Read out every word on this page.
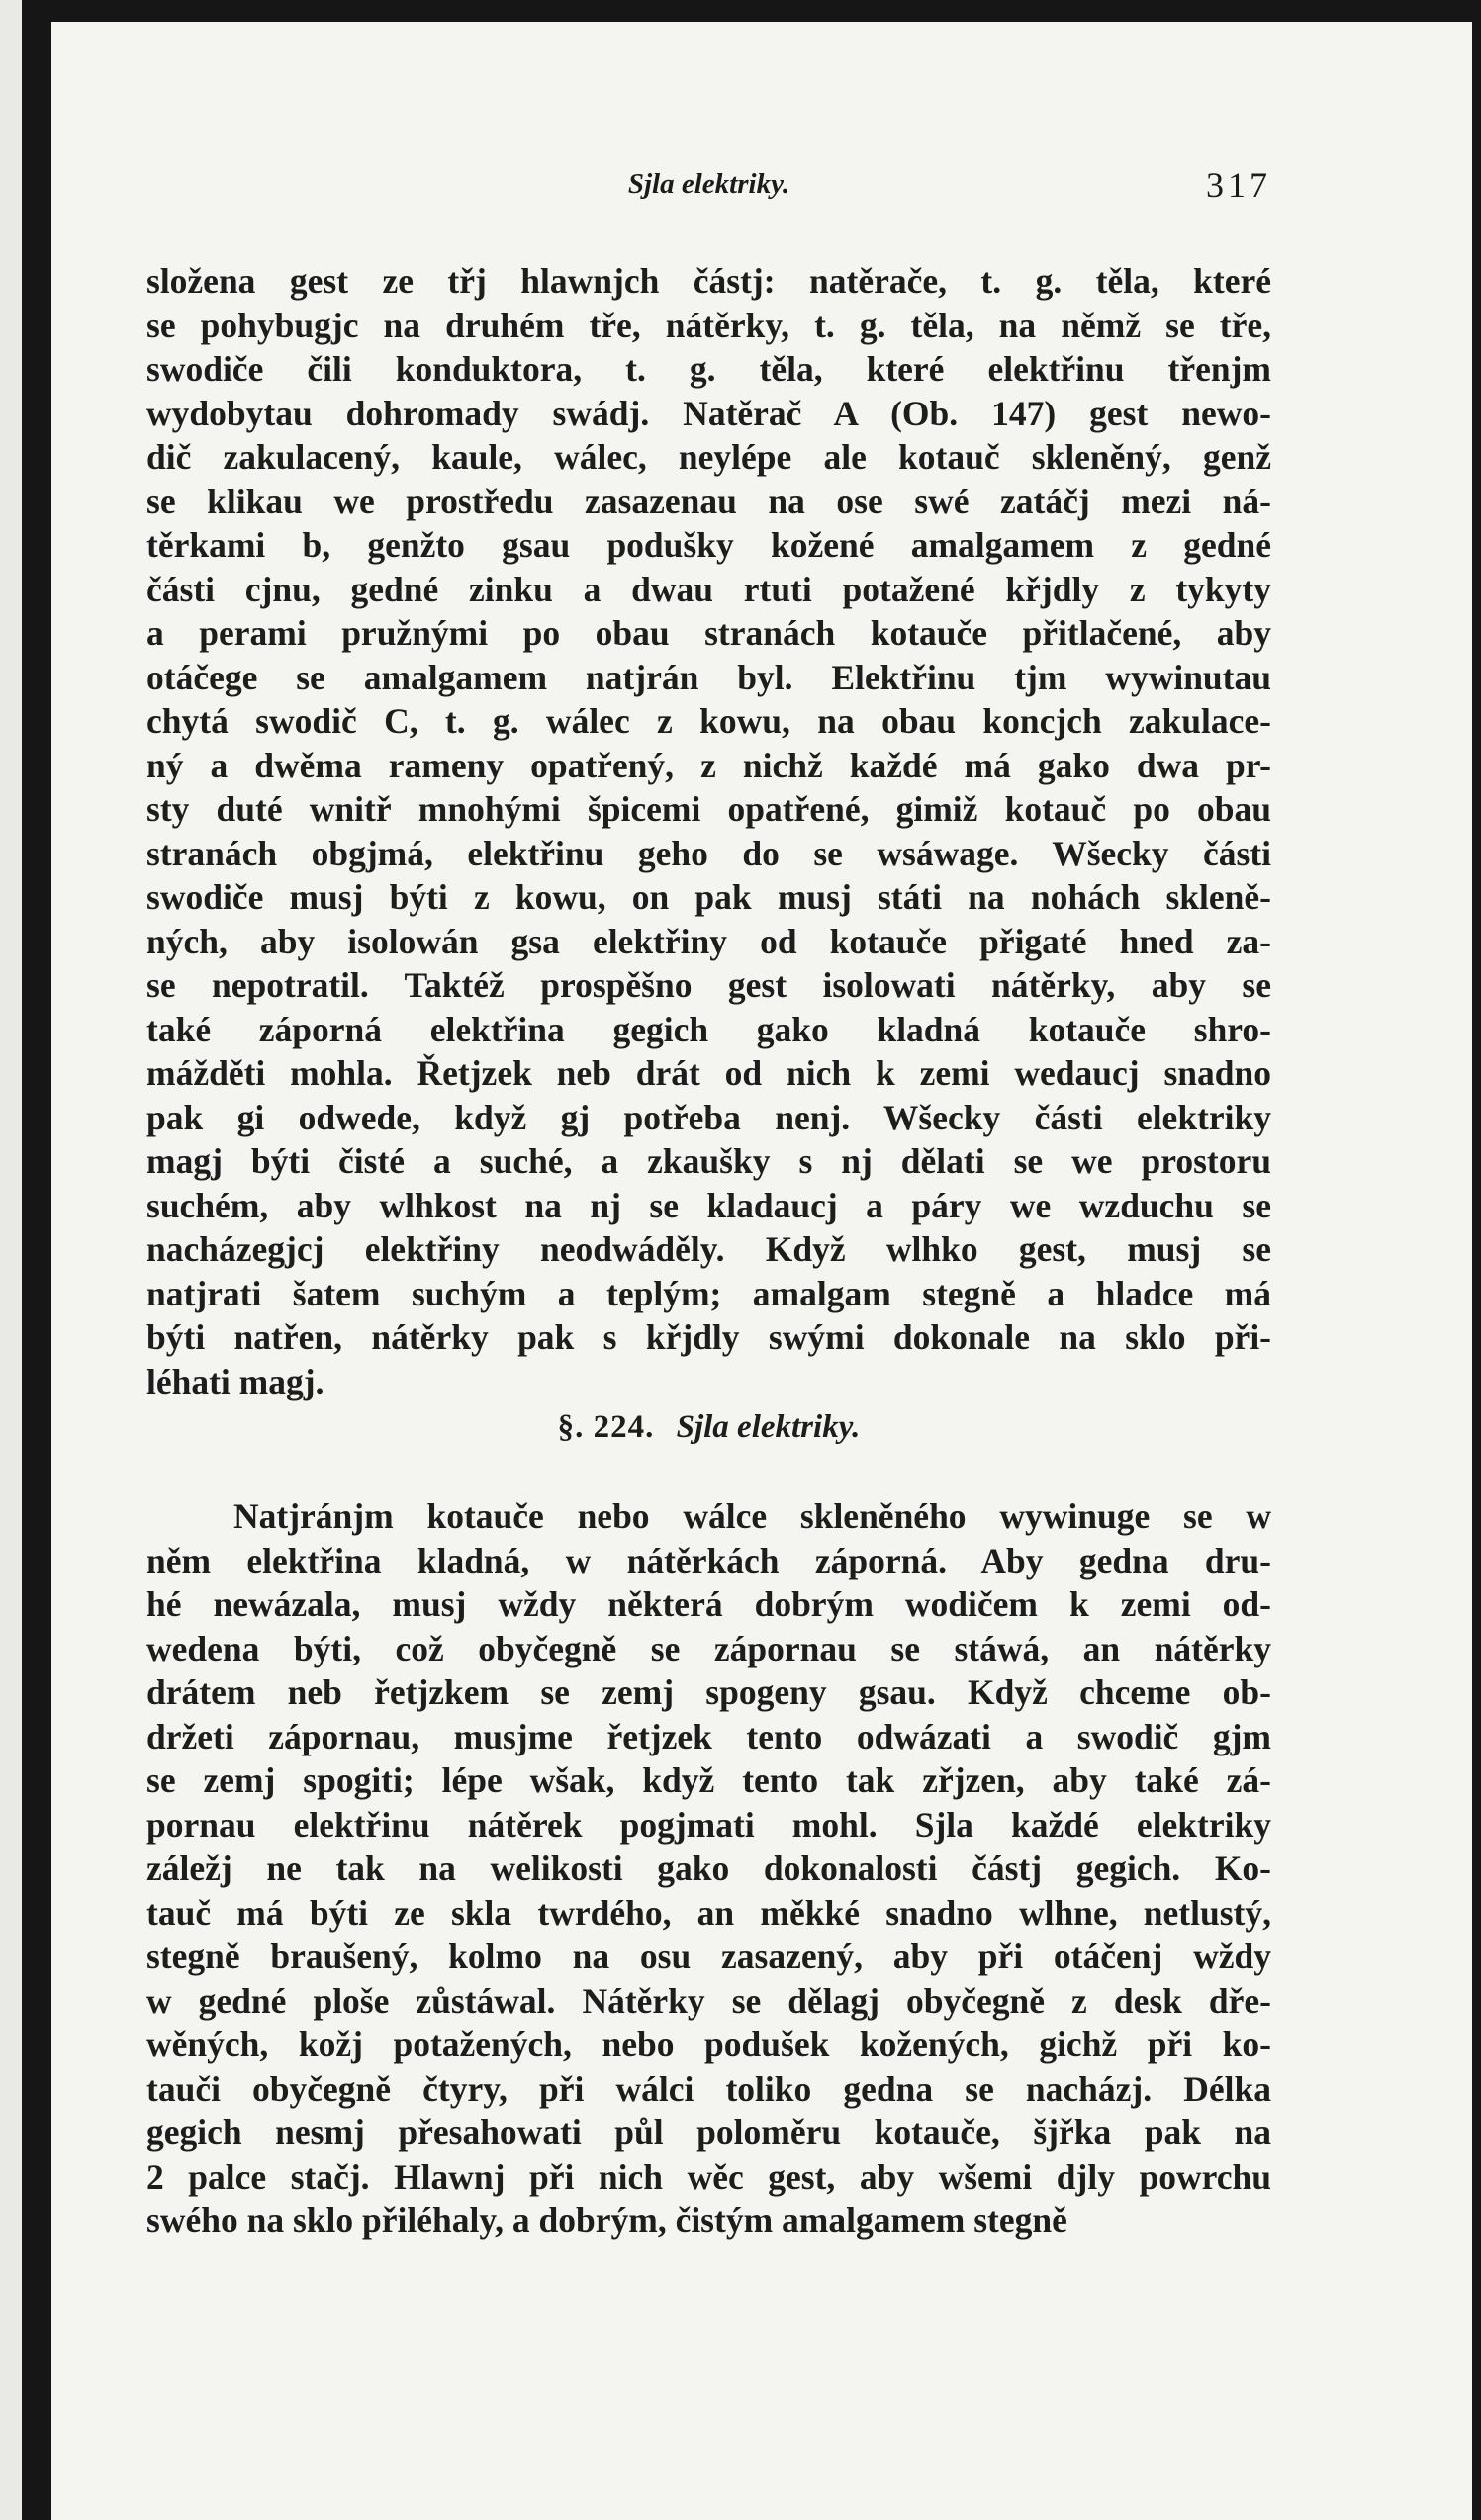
Sjla elektriky.	317
složena gest ze třj hlawnjch částj: natěrače, t. g. těla, které
se pohybugjc na druhém tře, nátěrky, t. g. těla, na němž se tře,
swodiče čili konduktora, t. g. těla, které elektřinu třenjm
wydobytau dohromady swádj. Natěrač A (Ob. 147) gest newo-
dič zakulacený, kaule, wálec, neylépe ale kotauč skleněný, genž
se klikau we prostředu zasazenau na ose swé zatáčj mezi ná-
těrkami b, genžto gsau podušky kožené amalgamem z gedné
části cjnu, gedné zinku a dwau rtuti potažené křjdly z tykyty
a perami pružnými po obau stranách kotauče přitlačené, aby
otáčege se amalgamem natjrán byl. Elektřinu tjm wywinutau
chytá swodič C, t. g. wálec z kowu, na obau koncjch zakulace-
ný a dwěma rameny opatřený, z nichž každé má gako dwa pr-
sty duté wnitř mnohými špicemi opatřené, gimiž kotauč po obau
stranách obgjmá, elektřinu geho do se wsáwage. Wšecky části
swodiče musj býti z kowu, on pak musj státi na nohách skleně-
ných, aby isolowán gsa elektřiny od kotauče přigaté hned za-
se nepotratil. Taktéž prospěšno gest isolowati nátěrky, aby se
také záporná elektřina gegich gako kladná kotauče shro-
mážděti mohla. Řetjzek neb drát od nich k zemi wedaucj snadno
pak gi odwede, když gj potřeba nenj. Wšecky části elektriky
magj býti čisté a suché, a zkaušky s nj dělati se we prostoru
suchém, aby wlhkost na nj se kladaucj a páry we wzduchu se
nacházegjcj elektřiny neodwáděly. Když wlhko gest, musj se
natjrati šatem suchým a teplým; amalgam stegně a hladce má
býti natřen, nátěrky pak s křjdly swými dokonale na sklo při-
léhati magj.
§. 224. Sjla elektriky.
Natjránjm kotauče nebo wálce skleněného wywinuge se w
něm elektřina kladná, w nátěrkách záporná. Aby gedna dru-
hé newázala, musj wždy některá dobrým wodičem k zemi od-
wedena býti, což obyčegně se zápornau se stáwá, an nátěrky
drátem neb řetjzkem se zemj spogeny gsau. Když chceme ob-
držeti zápornau, musjme řetjzek tento odwázati a swodič gjm
se zemj spogiti; lépe wšak, když tento tak zřjzen, aby také zá-
pornau elektřinu nátěrek pogjmati mohl. Sjla každé elektriky
záležj ne tak na welikosti gako dokonalosti částj gegich. Ko-
tauč má býti ze skla twrdého, an měkké snadno wlhne, netlustý,
stegně braušený, kolmo na osu zasazený, aby při otáčenj wždy
w gedné ploše zůstáwal. Nátěrky se dělagj obyčegně z desk dře-
wěných, kožj potažených, nebo podušek kožených, gichž při ko-
tauči obyčegně čtyry, při wálci toliko gedna se nacházj. Délka
gegich nesmj přesahowati půl poloměru kotauče, šjřka pak na
2 palce stačj. Hlawnj při nich wěc gest, aby wšemi djly powrchu
swého na sklo přiléhaly, a dobrým, čistým amalgamem stegně
